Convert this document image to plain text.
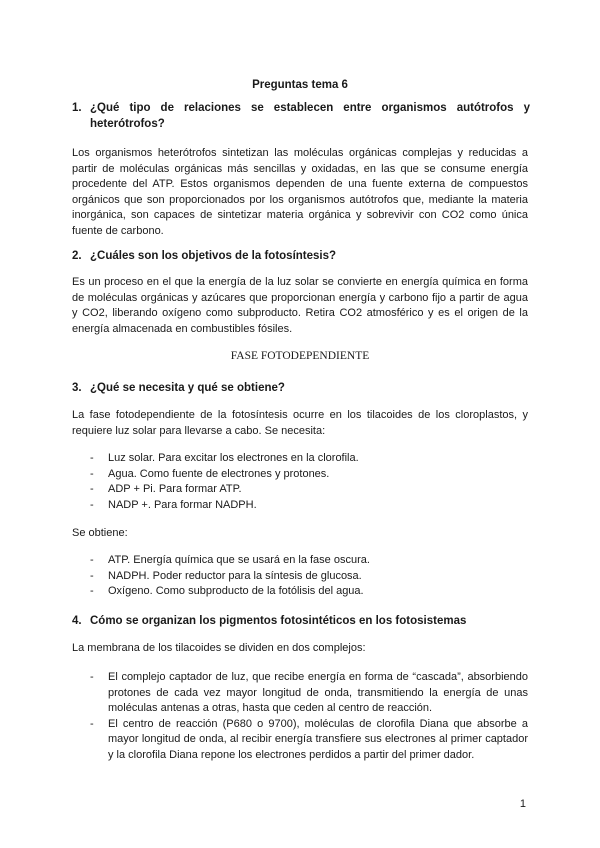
Preguntas tema 6
1. ¿Qué tipo de relaciones se establecen entre organismos autótrofos y heterótrofos?
Los organismos heterótrofos sintetizan las moléculas orgánicas complejas y reducidas a partir de moléculas orgánicas más sencillas y oxidadas, en las que se consume energía procedente del ATP. Estos organismos dependen de una fuente externa de compuestos orgánicos que son proporcionados por los organismos autótrofos que, mediante la materia inorgánica, son capaces de sintetizar materia orgánica y sobrevivir con CO2 como única fuente de carbono.
2. ¿Cuáles son los objetivos de la fotosíntesis?
Es un proceso en el que la energía de la luz solar se convierte en energía química en forma de moléculas orgánicas y azúcares que proporcionan energía y carbono fijo a partir de agua y CO2, liberando oxígeno como subproducto. Retira CO2 atmosférico y es el origen de la energía almacenada en combustibles fósiles.
FASE FOTODEPENDIENTE
3. ¿Qué se necesita y qué se obtiene?
La fase fotodependiente de la fotosíntesis ocurre en los tilacoides de los cloroplastos, y requiere luz solar para llevarse a cabo. Se necesita:
- Luz solar. Para excitar los electrones en la clorofila.
- Agua. Como fuente de electrones y protones.
- ADP + Pi. Para formar ATP.
- NADP +. Para formar NADPH.
Se obtiene:
- ATP. Energía química que se usará en la fase oscura.
- NADPH. Poder reductor para la síntesis de glucosa.
- Oxígeno. Como subproducto de la fotólisis del agua.
4. Cómo se organizan los pigmentos fotosintéticos en los fotosistemas
La membrana de los tilacoides se dividen en dos complejos:
- El complejo captador de luz, que recibe energía en forma de “cascada”, absorbiendo protones de cada vez mayor longitud de onda, transmitiendo la energía de unas moléculas antenas a otras, hasta que ceden al centro de reacción.
- El centro de reacción (P680 o 9700), moléculas de clorofila Diana que absorbe a mayor longitud de onda, al recibir energía transfiere sus electrones al primer captador y la clorofila Diana repone los electrones perdidos a partir del primer dador.
1
